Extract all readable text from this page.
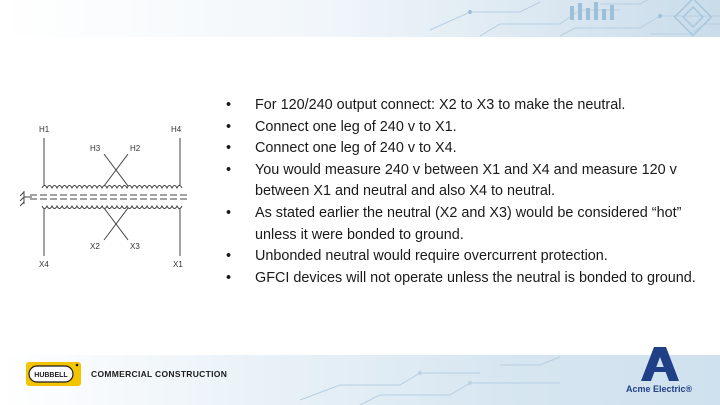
H1	H4
H3	H2
X2	X3
X4	X1
• For 120/240 output connect: X2 to X3 to make the neutral.
• Connect one leg of 240 v to X1.
• Connect one leg of 240 v to X4.
• You would measure 240 v between X1 and X4 and measure 120 v between X1 and neutral and also X4 to neutral.
• As stated earlier the neutral (X2 and X3) would be considered “hot” unless it were bonded to ground.
• Unbonded neutral would require overcurrent protection.
• GFCI devices will not operate unless the neutral is bonded to ground.
HUBBELL	COMMERCIAL CONSTRUCTION
Acme Electric®
